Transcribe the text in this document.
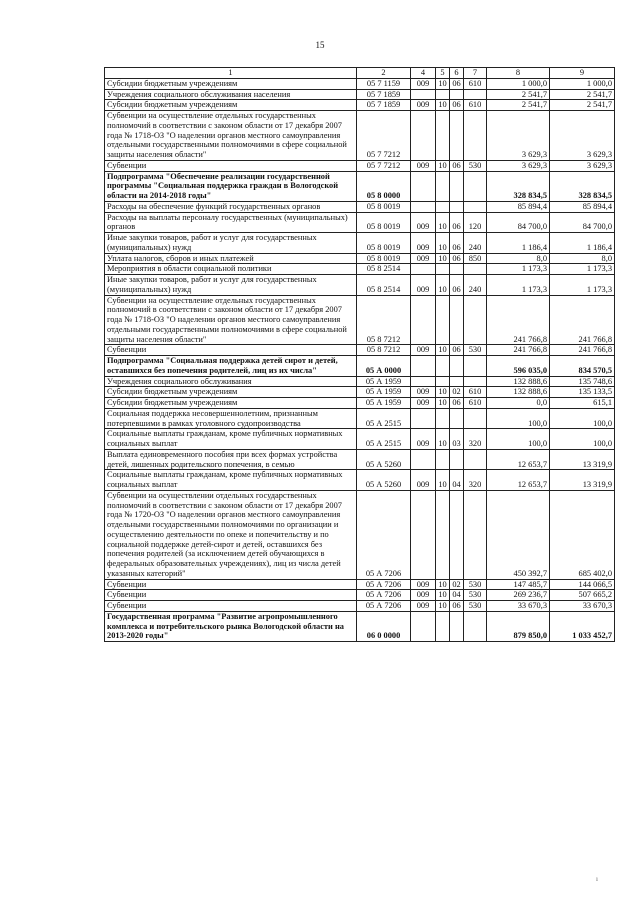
15
1	2	4	5	6	7	8	9
Субсидии бюджетным учреждениям	05 7 1159	009	10	06	610	1 000,0	1 000,0
Учреждения социального обслуживания населения	05 7 1859					2 541,7	2 541,7
Субсидии бюджетным учреждениям	05 7 1859	009	10	06	610	2 541,7	2 541,7
Субвенции на осуществление отдельных государственных полномочий в соответствии с законом области от 17 декабря 2007 года № 1718-ОЗ "О наделении органов местного самоуправления отдельными государственными полномочиями в сфере социальной защиты населения области"	05 7 7212					3 629,3	3 629,3
Субвенции	05 7 7212	009	10	06	530	3 629,3	3 629,3
Подпрограмма "Обеспечение реализации государственной программы "Социальная поддержка граждан в Вологодской области на 2014-2018 годы"	05 8 0000					328 834,5	328 834,5
Расходы на обеспечение функций государственных органов	05 8 0019					85 894,4	85 894,4
Расходы на выплаты персоналу государственных (муниципальных) органов	05 8 0019	009	10	06	120	84 700,0	84 700,0
Иные закупки товаров, работ и услуг для государственных (муниципальных) нужд	05 8 0019	009	10	06	240	1 186,4	1 186,4
Уплата налогов, сборов и иных платежей	05 8 0019	009	10	06	850	8,0	8,0
Мероприятия в области социальной политики	05 8 2514					1 173,3	1 173,3
Иные закупки товаров, работ и услуг для государственных (муниципальных) нужд	05 8 2514	009	10	06	240	1 173,3	1 173,3
Субвенции на осуществление отдельных государственных полномочий в соответствии с законом области от 17 декабря 2007 года № 1718-ОЗ "О наделении органов местного самоуправления отдельными государственными полномочиями в сфере социальной защиты населения области"	05 8 7212					241 766,8	241 766,8
Субвенции	05 8 7212	009	10	06	530	241 766,8	241 766,8
Подпрограмма "Социальная поддержка детей сирот и детей, оставшихся без попечения родителей, лиц из их числа"	05 А 0000					596 035,0	834 570,5
Учреждения социального обслуживания	05 А 1959					132 888,6	135 748,6
Субсидии бюджетным учреждениям	05 А 1959	009	10	02	610	132 888,6	135 133,5
Субсидии бюджетным учреждениям	05 А 1959	009	10	06	610	0,0	615,1
Социальная поддержка несовершеннолетним, признанным потерпевшими в рамках уголовного судопроизводства	05 А 2515					100,0	100,0
Социальные выплаты гражданам, кроме публичных нормативных социальных выплат	05 А 2515	009	10	03	320	100,0	100,0
Выплата единовременного пособия при всех формах устройства детей, лишенных родительского попечения, в семью	05 А 5260					12 653,7	13 319,9
Социальные выплаты гражданам, кроме публичных нормативных социальных выплат	05 А 5260	009	10	04	320	12 653,7	13 319,9
Субвенции на осуществлении отдельных государственных полномочий в соответствии с законом области от 17 декабря 2007 года № 1720-ОЗ "О наделении органов местного самоуправления отдельными государственными полномочиями по организации и осуществлению деятельности по опеке и попечительству и по социальной поддержке детей-сирот и детей, оставшихся без попечения родителей (за исключением детей обучающихся в федеральных образовательных учреждениях), лиц из числа детей указанных категорий"	05 А 7206					450 392,7	685 402,0
Субвенции	05 А 7206	009	10	02	530	147 485,7	144 066,5
Субвенции	05 А 7206	009	10	04	530	269 236,7	507 665,2
Субвенции	05 А 7206	009	10	06	530	33 670,3	33 670,3
Государственная программа "Развитие агропромышленного комплекса и потребительского рынка Вологодской области на 2013-2020 годы"	06 0 0000					879 850,0	1 033 452,7
ı
